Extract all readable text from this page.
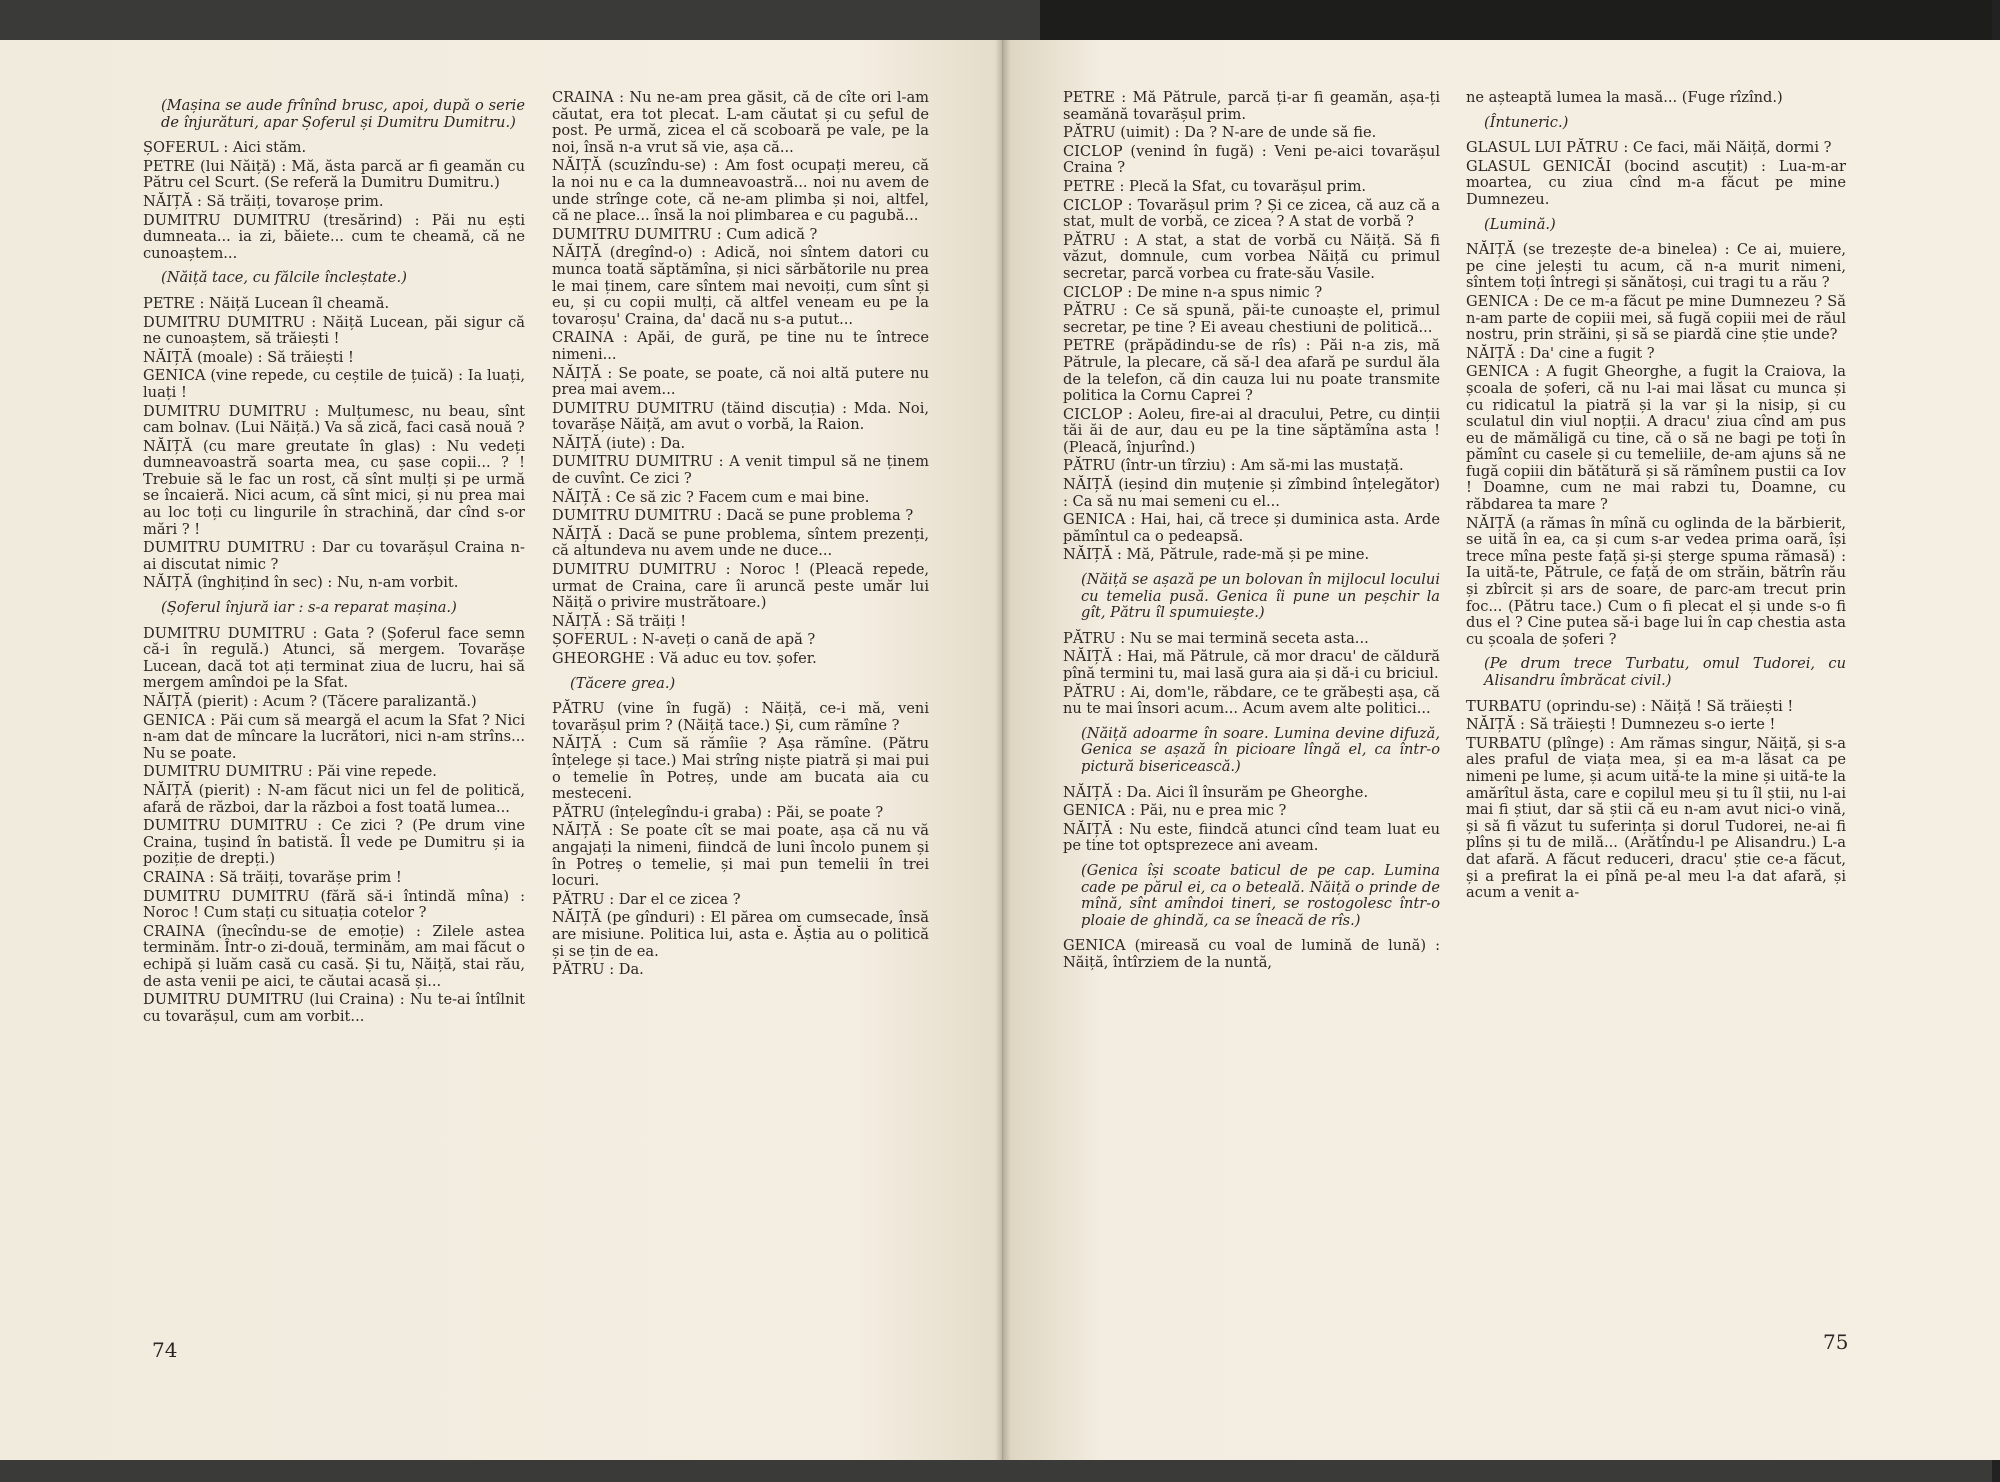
(Mașina se aude frînînd brusc, apoi, după o serie de înjurături, apar Șoferul și Dumitru Dumitru.)

ȘOFERUL : Aici stăm.

PETRE (lui Năiță) : Mă, ăsta parcă ar fi geamăn cu Pătru cel Scurt. (Se referă la Dumitru Dumitru.)

NĂIȚĂ : Să trăiți, tovaroșe prim.

DUMITRU DUMITRU (tresărind) : Păi nu ești dumneata... ia zi, băiete... cum te cheamă, că ne cunoaștem...

(Năiță tace, cu fălcile încleștate.)

PETRE : Năiță Lucean îl cheamă.

DUMITRU DUMITRU : Năiță Lucean, păi sigur că ne cunoaștem, să trăiești !

NĂIȚĂ (moale) : Să trăiești !

GENICA (vine repede, cu ceștile de țuică) : Ia luați, luați !

DUMITRU DUMITRU : Mulțumesc, nu beau, sînt cam bolnav. (Lui Năiță.) Va să zică, faci casă nouă ?

NĂIȚĂ (cu mare greutate în glas) : Nu vedeți dumneavoastră soarta mea, cu șase copii... ? ! Trebuie să le fac un rost, că sînt mulți și pe urmă se încaieră. Nici acum, că sînt mici, și nu prea mai au loc toți cu lingurile în strachină, dar cînd s-or mări ? !

DUMITRU DUMITRU : Dar cu tovarășul Craina n-ai discutat nimic ?

NĂIȚĂ (înghițind în sec) : Nu, n-am vorbit.

(Șoferul înjură iar : s-a reparat mașina.)

DUMITRU DUMITRU : Gata ? (Șoferul face semn că-i în regulă.) Atunci, să mergem. Tovarășe Lucean, dacă tot ați terminat ziua de lucru, hai să mergem amîndoi pe la Sfat.

NĂIȚĂ (pierit) : Acum ? (Tăcere paralizantă.)

GENICA : Păi cum să meargă el acum la Sfat ? Nici n-am dat de mîncare la lucrători, nici n-am strîns... Nu se poate.

DUMITRU DUMITRU : Păi vine repede.

NĂIȚĂ (pierit) : N-am făcut nici un fel de politică, afară de război, dar la război a fost toată lumea...

DUMITRU DUMITRU : Ce zici ? (Pe drum vine Craina, tușind în batistă. Îl vede pe Dumitru și ia poziție de drepți.)

CRAINA : Să trăiți, tovarășe prim !

DUMITRU DUMITRU (fără să-i întindă mîna) : Noroc ! Cum stați cu situația cotelor ?

CRAINA (înecîndu-se de emoție) : Zilele astea terminăm. Într-o zi-două, terminăm, am mai făcut o echipă și luăm casă cu casă. Și tu, Năiță, stai rău, de asta venii pe aici, te căutai acasă și...

DUMITRU DUMITRU (lui Craina) : Nu te-ai întîlnit cu tovarășul, cum am vorbit...

CRAINA : Nu ne-am prea găsit, că de cîte ori l-am căutat, era tot plecat. L-am căutat și cu șeful de post. Pe urmă, zicea el că scoboară pe vale, pe la noi, însă n-a vrut să vie, așa că...

NĂIȚĂ (scuzîndu-se) : Am fost ocupați mereu, că la noi nu e ca la dumneavoastră... noi nu avem de unde strînge cote, că ne-am plimba și noi, altfel, că ne place... însă la noi plimbarea e cu pagubă...

DUMITRU DUMITRU : Cum adică ?

NĂIȚĂ (dregînd-o) : Adică, noi sîntem datori cu munca toată săptămîna, și nici sărbătorile nu prea le mai ținem, care sîntem mai nevoiți, cum sînt și eu, și cu copii mulți, că altfel veneam eu pe la tovaroșu' Craina, da' dacă nu s-a putut...

CRAINA : Apăi, de gură, pe tine nu te întrece nimeni...

NĂIȚĂ : Se poate, se poate, că noi altă putere nu prea mai avem...

DUMITRU DUMITRU (tăind discuția) : Mda. Noi, tovarășe Năiță, am avut o vorbă, la Raion.

NĂIȚĂ (iute) : Da.

DUMITRU DUMITRU : A venit timpul să ne ținem de cuvînt. Ce zici ?

NĂIȚĂ : Ce să zic ? Facem cum e mai bine.

DUMITRU DUMITRU : Dacă se pune problema ?

NĂIȚĂ : Dacă se pune problema, sîntem prezenți, că altundeva nu avem unde ne duce...

DUMITRU DUMITRU : Noroc ! (Pleacă repede, urmat de Craina, care îi aruncă peste umăr lui Năiță o privire mustrătoare.)

NĂIȚĂ : Să trăiți !

ȘOFERUL : N-aveți o cană de apă ?

GHEORGHE : Vă aduc eu tov. șofer.

(Tăcere grea.)

PĂTRU (vine în fugă) : Năiță, ce-i mă, veni tovarășul prim ? (Năiță tace.) Și, cum rămîne ?

NĂIȚĂ : Cum să rămîie ? Așa rămîne. (Pătru înțelege și tace.) Mai strîng niște piatră și mai pui o temelie în Potreș, unde am bucata aia cu mesteceni.

PĂTRU (înțelegîndu-i graba) : Păi, se poate ?

NĂIȚĂ : Se poate cît se mai poate, așa că nu vă angajați la nimeni, fiindcă de luni încolo punem și în Potreș o temelie, și mai pun temelii în trei locuri.

PĂTRU : Dar el ce zicea ?

NĂIȚĂ (pe gînduri) : El păreа om cumsecade, însă are misiune. Politica lui, asta e. Ăștia au o politică și se țin de ea.

PĂTRU : Da.

74

PETRE : Mă Pătrule, parcă ți-ar fi geamăn, așa-ți seamănă tovarășul prim.

PĂTRU (uimit) : Da ? N-are de unde să fie.

CICLOP (venind în fugă) : Veni pe-aici tovarășul Craina ?

PETRE : Plecă la Sfat, cu tovarășul prim.

CICLOP : Tovarășul prim ? Și ce zicea, că auz că a stat, mult de vorbă, ce zicea ? A stat de vorbă ?

PĂTRU : A stat, a stat de vorbă cu Năiță. Să fi văzut, domnule, cum vorbea Năiță cu primul secretar, parcă vorbea cu frate-său Vasile.

CICLOP : De mine n-a spus nimic ?

PĂTRU : Ce să spună, păi-te cunoaște el, primul secretar, pe tine ? Ei aveau chestiuni de politică...

PETRE (prăpădindu-se de rîs) : Păi n-a zis, mă Pătrule, la plecare, că să-l dea afară pe surdul ăla de la telefon, că din cauza lui nu poate transmite politica la Cornu Caprei ?

CICLOP : Aoleu, fire-ai al dracului, Petre, cu dinții tăi ăi de aur, dau eu pe la tine săptămîna asta ! (Pleacă, înjurînd.)

PĂTRU (într-un tîrziu) : Am să-mi las mustață.

NĂIȚĂ (ieșind din muțenie și zîmbind înțelegător) : Ca să nu mai semeni cu el...

GENICA : Hai, hai, că trece și duminica asta. Arde pămîntul ca o pedeapsă.

NĂIȚĂ : Mă, Pătrule, rade-mă și pe mine.

(Năiță se așază pe un bolovan în mijlocul locului cu temelia pusă. Genica îi pune un peșchir la gît, Pătru îl spumuiește.)

PĂTRU : Nu se mai termină seceta asta...

NĂIȚĂ : Hai, mă Pătrule, că mor dracu' de căldură pînă termini tu, mai lasă gura aia și dă-i cu briciul.

PĂTRU : Ai, dom'le, răbdare, ce te grăbești așa, că nu te mai însori acum... Acum avem alte politici...

(Năiță adoarme în soare. Lumina devine difuză, Genica se așază în picioare lîngă el, ca într-o pictură bisericească.)

NĂIȚĂ : Da. Aici îl însurăm pe Gheorghe.

GENICA : Păi, nu e prea mic ?

NĂIȚĂ : Nu este, fiindcă atunci cînd team luat eu pe tine tot optsprezece ani aveam.

(Genica își scoate baticul de pe cap. Lumina cade pe părul ei, ca o beteală. Năiță o prinde de mînă, sînt amîndoi tineri, se rostogolesc într-o ploaie de ghindă, ca se îneacă de rîs.)

GENICA (mireasă cu voal de lumină de lună) : Năiță, întîrziem de la nuntă,

ne așteaptă lumea la masă... (Fuge rîzînd.)

(Întuneric.)

GLASUL LUI PĂTRU : Ce faci, măi Năiță, dormi ?

GLASUL GENICĂI (bocind ascuțit) : Lua-m-ar moartea, cu ziua cînd m-a făcut pe mine Dumnezeu.

(Lumină.)

NĂIȚĂ (se trezește de-a binelea) : Ce ai, muiere, pe cine jelești tu acum, că n-a murit nimeni, sîntem toți întregi și sănătoși, cui tragi tu a rău ?

GENICA : De ce m-a făcut pe mine Dumnezeu ? Să n-am parte de copiii mei, să fugă copiii mei de răul nostru, prin străini, și să se piardă cine știe unde?

NĂIȚĂ : Da' cine a fugit ?

GENICA : A fugit Gheorghe, a fugit la Craiova, la școala de șoferi, că nu l-ai mai lăsat cu munca și cu ridicatul la piatră și la var și la nisip, și cu sculatul din viul nopții. A dracu' ziua cînd am pus eu de mămăligă cu tine, că o să ne bagi pe toți în pămînt cu casele și cu temeliile, de-am ajuns să ne fugă copiii din bătătură și să rămînem pustii ca Iov ! Doamne, cum ne mai rabzi tu, Doamne, cu răbdarea ta mare ?

NĂIȚĂ (a rămas în mînă cu oglinda de la bărbierit, se uită în ea, ca și cum s-ar vedea prima oară, își trece mîna peste față și-și șterge spuma rămasă) : Ia uită-te, Pătrule, ce față de om străin, bătrîn rău și zbîrcit și ars de soare, de parc-am trecut prin foc... (Pătru tace.) Cum o fi plecat el și unde s-o fi dus el ? Cine putea să-i bage lui în cap chestia asta cu școala de șoferi ?

(Pe drum trece Turbatu, omul Tudorei, cu Alisandru îmbrăcat civil.)

TURBATU (oprindu-se) : Năiță ! Să trăiești !

NĂIȚĂ : Să trăiești ! Dumnezeu s-o ierte !

TURBATU (plînge) : Am rămas singur, Năiță, și s-a ales praful de viața mea, și ea m-a lăsat ca pe nimeni pe lume, și acum uită-te la mine și uită-te la amărîtul ăsta, care e copilul meu și tu îl știi, nu l-ai mai fi știut, dar să știi că eu n-am avut nici-o vină, și să fi văzut tu suferința și dorul Tudorei, ne-ai fi plîns și tu de milă... (Arătîndu-l pe Alisandru.) L-a dat afară. A făcut reduceri, dracu' știe ce-a făcut, și a prefirat la ei pînă pe-al meu l-a dat afară, și acum a venit a-

75
